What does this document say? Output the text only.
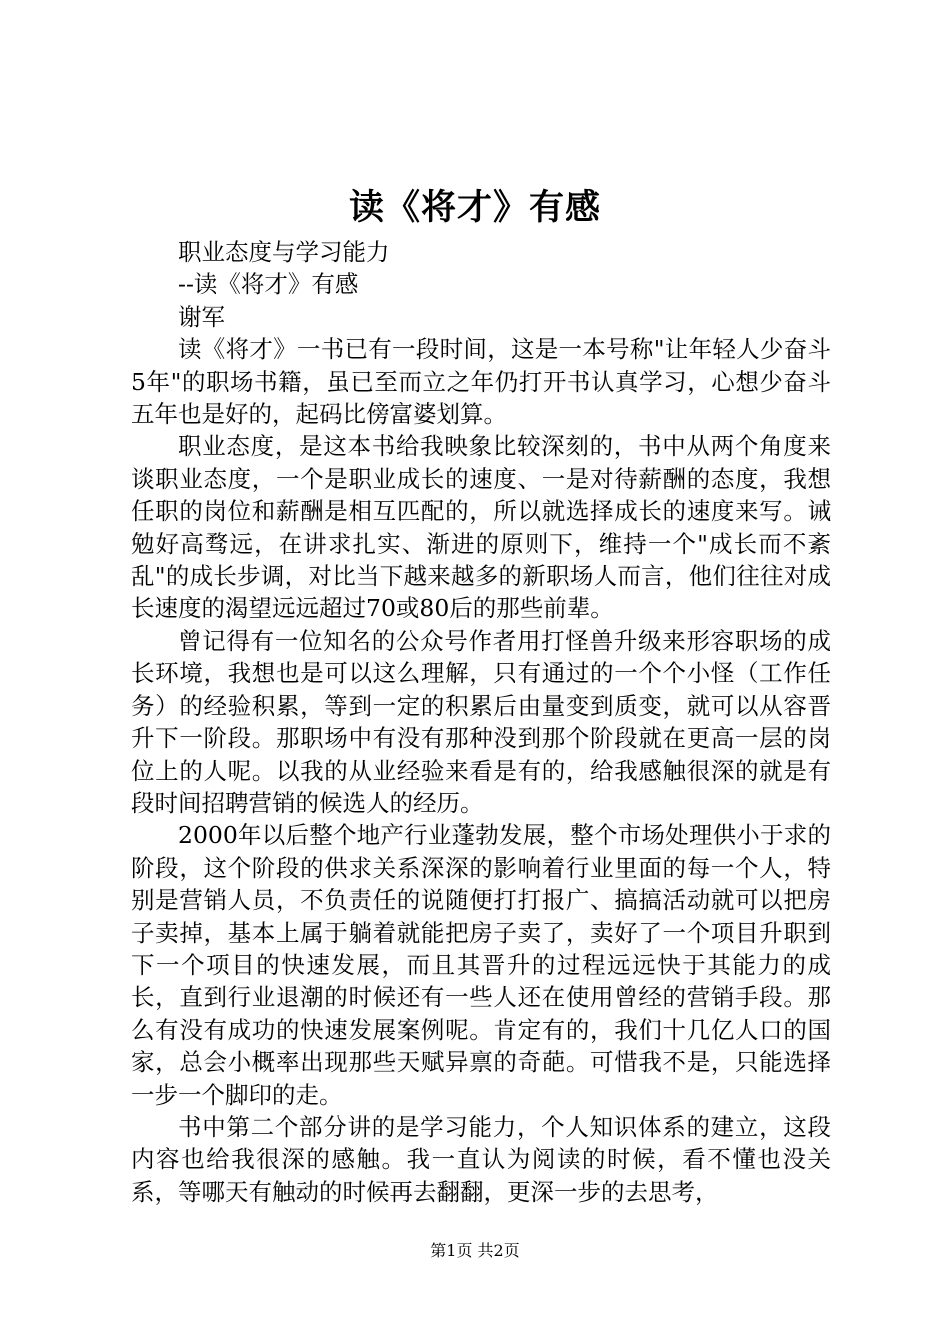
读《将才》有感

职业态度与学习能力

--读《将才》有感

谢军

读《将才》一书已有一段时间，这是一本号称"让年轻人少奋斗5年"的职场书籍，虽已至而立之年仍打开书认真学习，心想少奋斗五年也是好的，起码比傍富婆划算。

职业态度，是这本书给我映象比较深刻的，书中从两个角度来谈职业态度，一个是职业成长的速度、一是对待薪酬的态度，我想任职的岗位和薪酬是相互匹配的，所以就选择成长的速度来写。诫勉好高骛远，在讲求扎实、渐进的原则下，维持一个"成长而不紊乱"的成长步调，对比当下越来越多的新职场人而言，他们往往对成长速度的渴望远远超过70或80后的那些前辈。

曾记得有一位知名的公众号作者用打怪兽升级来形容职场的成长环境，我想也是可以这么理解，只有通过的一个个小怪（工作任务）的经验积累，等到一定的积累后由量变到质变，就可以从容晋升下一阶段。那职场中有没有那种没到那个阶段就在更高一层的岗位上的人呢。以我的从业经验来看是有的，给我感触很深的就是有段时间招聘营销的候选人的经历。

2000年以后整个地产行业蓬勃发展，整个市场处理供小于求的阶段，这个阶段的供求关系深深的影响着行业里面的每一个人，特别是营销人员，不负责任的说随便打打报广、搞搞活动就可以把房子卖掉，基本上属于躺着就能把房子卖了，卖好了一个项目升职到下一个项目的快速发展，而且其晋升的过程远远快于其能力的成长，直到行业退潮的时候还有一些人还在使用曾经的营销手段。那么有没有成功的快速发展案例呢。肯定有的，我们十几亿人口的国家，总会小概率出现那些天赋异禀的奇葩。可惜我不是，只能选择一步一个脚印的走。

书中第二个部分讲的是学习能力，个人知识体系的建立，这段内容也给我很深的感触。我一直认为阅读的时候，看不懂也没关系，等哪天有触动的时候再去翻翻，更深一步的去思考，

第1页 共2页
